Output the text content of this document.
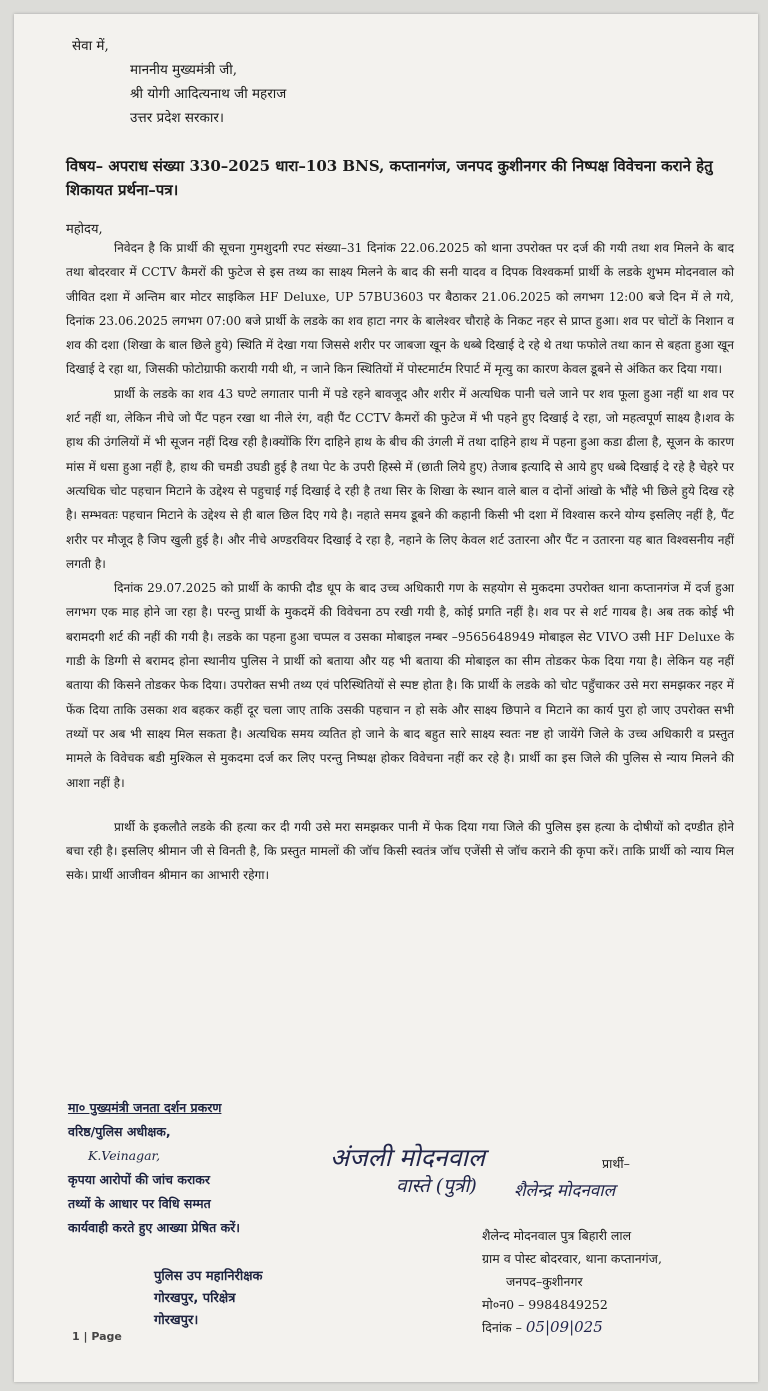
सेवा में,
माननीय मुख्यमंत्री जी,
श्री योगी आदित्यनाथ जी महराज
उत्तर प्रदेश सरकार।
विषय– अपराध संख्या 330–2025 धारा–103 BNS, कप्तानगंज, जनपद कुशीनगर की निष्पक्ष विवेचना कराने हेतु शिकायत प्रर्थना–पत्र।
महोदय,

निवेदन है कि प्रार्थी की सूचना गुमशुदगी रपट संख्या–31 दिनांक 22.06.2025 को थाना उपरोक्त पर दर्ज की गयी तथा शव मिलने के बाद तथा बोदरवार में CCTV कैमरों की फुटेज से इस तथ्य का साक्ष्य मिलने के बाद की सनी यादव व दिपक विश्वकर्मा प्रार्थी के लडके शुभम मोदनवाल को जीवित दशा में अन्तिम बार मोटर साइकिल HF Deluxe, UP 57BU3603 पर बैठाकर 21.06.2025 को लगभग 12:00 बजे दिन में ले गये, दिनांक 23.06.2025 लगभग 07:00 बजे प्रार्थी के लडके का शव हाटा नगर के बालेश्वर चौराहे के निकट नहर से प्राप्त हुआ। शव पर चोटों के निशान व शव की दशा (शिखा के बाल छिले हुये) स्थिति में देखा गया जिससे शरीर पर जाबजा खून के धब्बे दिखाई दे रहे थे तथा फफोले तथा कान से बहता हुआ खून दिखाई दे रहा था, जिसकी फोटोग्राफी करायी गयी थी, न जाने किन स्थितियों में पोस्टमार्टम रिपार्ट में मृत्यु का कारण केवल डूबने से अंकित कर दिया गया।

प्रार्थी के लडके का शव 43 घण्टे लगातार पानी में पडे रहने बावजूद और शरीर में अत्यधिक पानी चले जाने पर शव फूला हुआ नहीं था शव पर शर्ट नहीं था, लेकिन नीचे जो पैंट पहन रखा था नीले रंग, वही पैंट CCTV कैमरों की फुटेज में भी पहने हुए दिखाई दे रहा, जो महत्वपूर्ण साक्ष्य है।शव के हाथ की उंगलियों में भी सूजन नहीं दिख रही है।क्योंकि रिंग दाहिने हाथ के बीच की उंगली में तथा दाहिने हाथ में पहना हुआ कडा ढीला है, सूजन के कारण मांस में धसा हुआ नहीं है, हाथ की चमडी उघडी हुई है तथा पेट के उपरी हिस्से में (छाती लिये हुए) तेजाब इत्यादि से आये हुए धब्बे दिखाई दे रहे है चेहरे पर अत्यधिक चोट पहचान मिटाने के उद्देश्य से पहुचाई गई दिखाई दे रही है तथा सिर के शिखा के स्थान वाले बाल व दोनों आंखो के भौंहे भी छिले हुये दिख रहे है। सम्भवतः पहचान मिटाने के उद्देश्य से ही बाल छिल दिए गये है। नहाते समय डूबने की कहानी किसी भी दशा में विश्वास करने योग्य इसलिए नहीं है, पैंट शरीर पर मौजूद है जिप खुली हुई है। और नीचे अण्डरवियर दिखाई दे रहा है, नहाने के लिए केवल शर्ट उतारना और पैंट न उतारना यह बात विश्वसनीय नहीं लगती है।

दिनांक 29.07.2025 को प्रार्थी के काफी दौड धूप के बाद उच्च अधिकारी गण के सहयोग से मुकदमा उपरोक्त थाना कप्तानगंज में दर्ज हुआ लगभग एक माह होने जा रहा है। परन्तु प्रार्थी के मुकदमें की विवेचना ठप रखी गयी है, कोई प्रगति नहीं है। शव पर से शर्ट गायब है। अब तक कोई भी बरामदगी शर्ट की नहीं की गयी है। लडके का पहना हुआ चप्पल व उसका मोबाइल नम्बर –9565648949 मोबाइल सेट VIVO उसी HF Deluxe के गाडी के डिग्गी से बरामद होना स्थानीय पुलिस ने प्रार्थी को बताया और यह भी बताया की मोबाइल का सीम तोडकर फेक दिया गया है। लेकिन यह नहीं बताया की किसने तोडकर फेक दिया। उपरोक्त सभी तथ्य एवं परिस्थितियों से स्पष्ट होता है। कि प्रार्थी के लडके को चोट पहुँचाकर उसे मरा समझकर नहर में फेंक दिया ताकि उसका शव बहकर कहीं दूर चला जाए ताकि उसकी पहचान न हो सके और साक्ष्य छिपाने व मिटाने का कार्य पुरा हो जाए उपरोक्त सभी तथ्यों पर अब भी साक्ष्य मिल सकता है। अत्यधिक समय व्यतित हो जाने के बाद बहुत सारे साक्ष्य स्वतः नष्ट हो जायेंगे जिले के उच्च अधिकारी व प्रस्तुत मामले के विवेचक बडी मुश्किल से मुकदमा दर्ज कर लिए परन्तु निष्पक्ष होकर विवेचना नहीं कर रहे है। प्रार्थी का इस जिले की पुलिस से न्याय मिलने की आशा नहीं है।

प्रार्थी के इकलौते लडके की हत्या कर दी गयी उसे मरा समझकर पानी में फेक दिया गया जिले की पुलिस इस हत्या के दोषीयों को दण्डीत होने बचा रही है। इसलिए श्रीमान जी से विनती है, कि प्रस्तुत मामलों की जॉच किसी स्वतंत्र जॉच एजेंसी से जॉच कराने की कृपा करें। ताकि प्रार्थी को न्याय मिल सके। प्रार्थी आजीवन श्रीमान का आभारी रहेगा।

मा० पुख्यमंत्री जनता दर्शन प्रकरण
वरिष्ठ/पुलिस अधीक्षक,
K.Veinagar,
कृपया आरोपों की जांच कराकर
तथ्यों के आधार पर विधि सम्मत
कार्यवाही करते हुए आख्या प्रेषित करें।
पुलिस उप महानिरीक्षक
गोरखपुर, परिक्षेत्र
गोरखपुर।
अंजली मोदनवाल
वास्ते (पुत्री) शैलेन्द्र मोदनवाल
प्रार्थी–
शैलेन्द मोदनवाल पुत्र बिहारी लाल
ग्राम व पोस्ट बोदरवार, थाना कप्तानगंज,
जनपद–कुशीनगर
मो०न0 – 9984849252
दिनांक – 05|09|025
1 | Page
